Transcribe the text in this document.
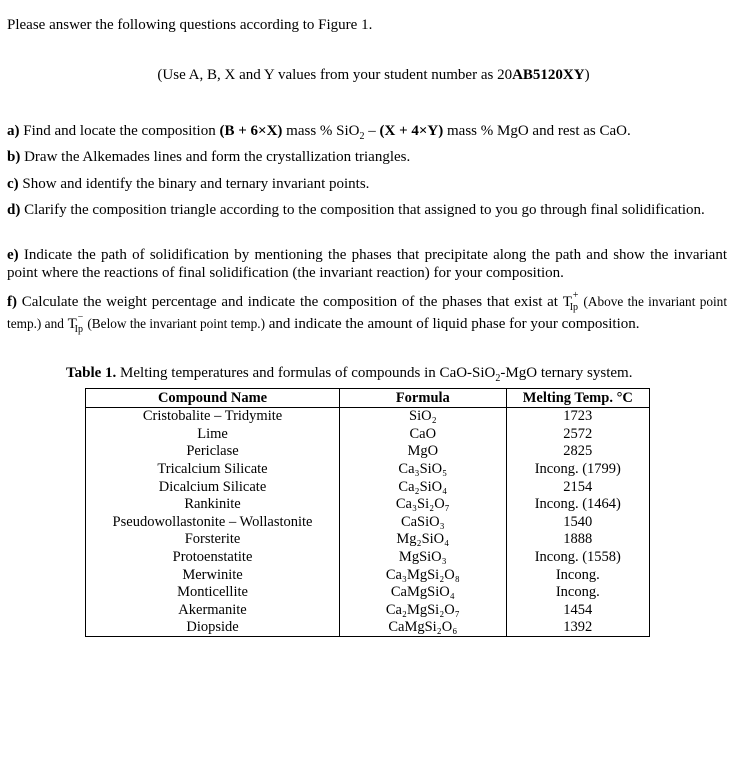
Please answer the following questions according to Figure 1.
(Use A, B, X and Y values from your student number as 20AB5120XY)
a) Find and locate the composition (B + 6×X) mass % SiO$_2$ – (X + 4×Y) mass % MgO and rest as CaO.
b) Draw the Alkemades lines and form the crystallization triangles.
c) Show and identify the binary and ternary invariant points.
d) Clarify the composition triangle according to the composition that assigned to you go through final solidification.
e) Indicate the path of solidification by mentioning the phases that precipitate along the path and show the invariant point where the reactions of final solidification (the invariant reaction) for your composition.
f) Calculate the weight percentage and indicate the composition of the phases that exist at T
Ip
+ (Above the invariant point temp.) and T
Ip
− (Below the invariant point temp.) and indicate the amount of liquid phase for your composition.
Table 1. Melting temperatures and formulas of compounds in CaO-SiO$_2$-MgO ternary system.
Compound Name	Formula	Melting Temp. °C
Cristobalite – Tridymite	SiO₂	1723
Lime	CaO	2572
Periclase	MgO	2825
Tricalcium Silicate	Ca₃SiO₅	Incong. (1799)
Dicalcium Silicate	Ca₂SiO₄	2154
Rankinite	Ca₃Si₂O₇	Incong. (1464)
Pseudowollastonite – Wollastonite	CaSiO₃	1540
Forsterite	Mg₂SiO₄	1888
Protoenstatite	MgSiO₃	Incong. (1558)
Merwinite	Ca₃MgSi₂O₈	Incong.
Monticellite	CaMgSiO₄	Incong.
Akermanite	Ca₂MgSi₂O₇	1454
Diopside	CaMgSi₂O₆	1392
